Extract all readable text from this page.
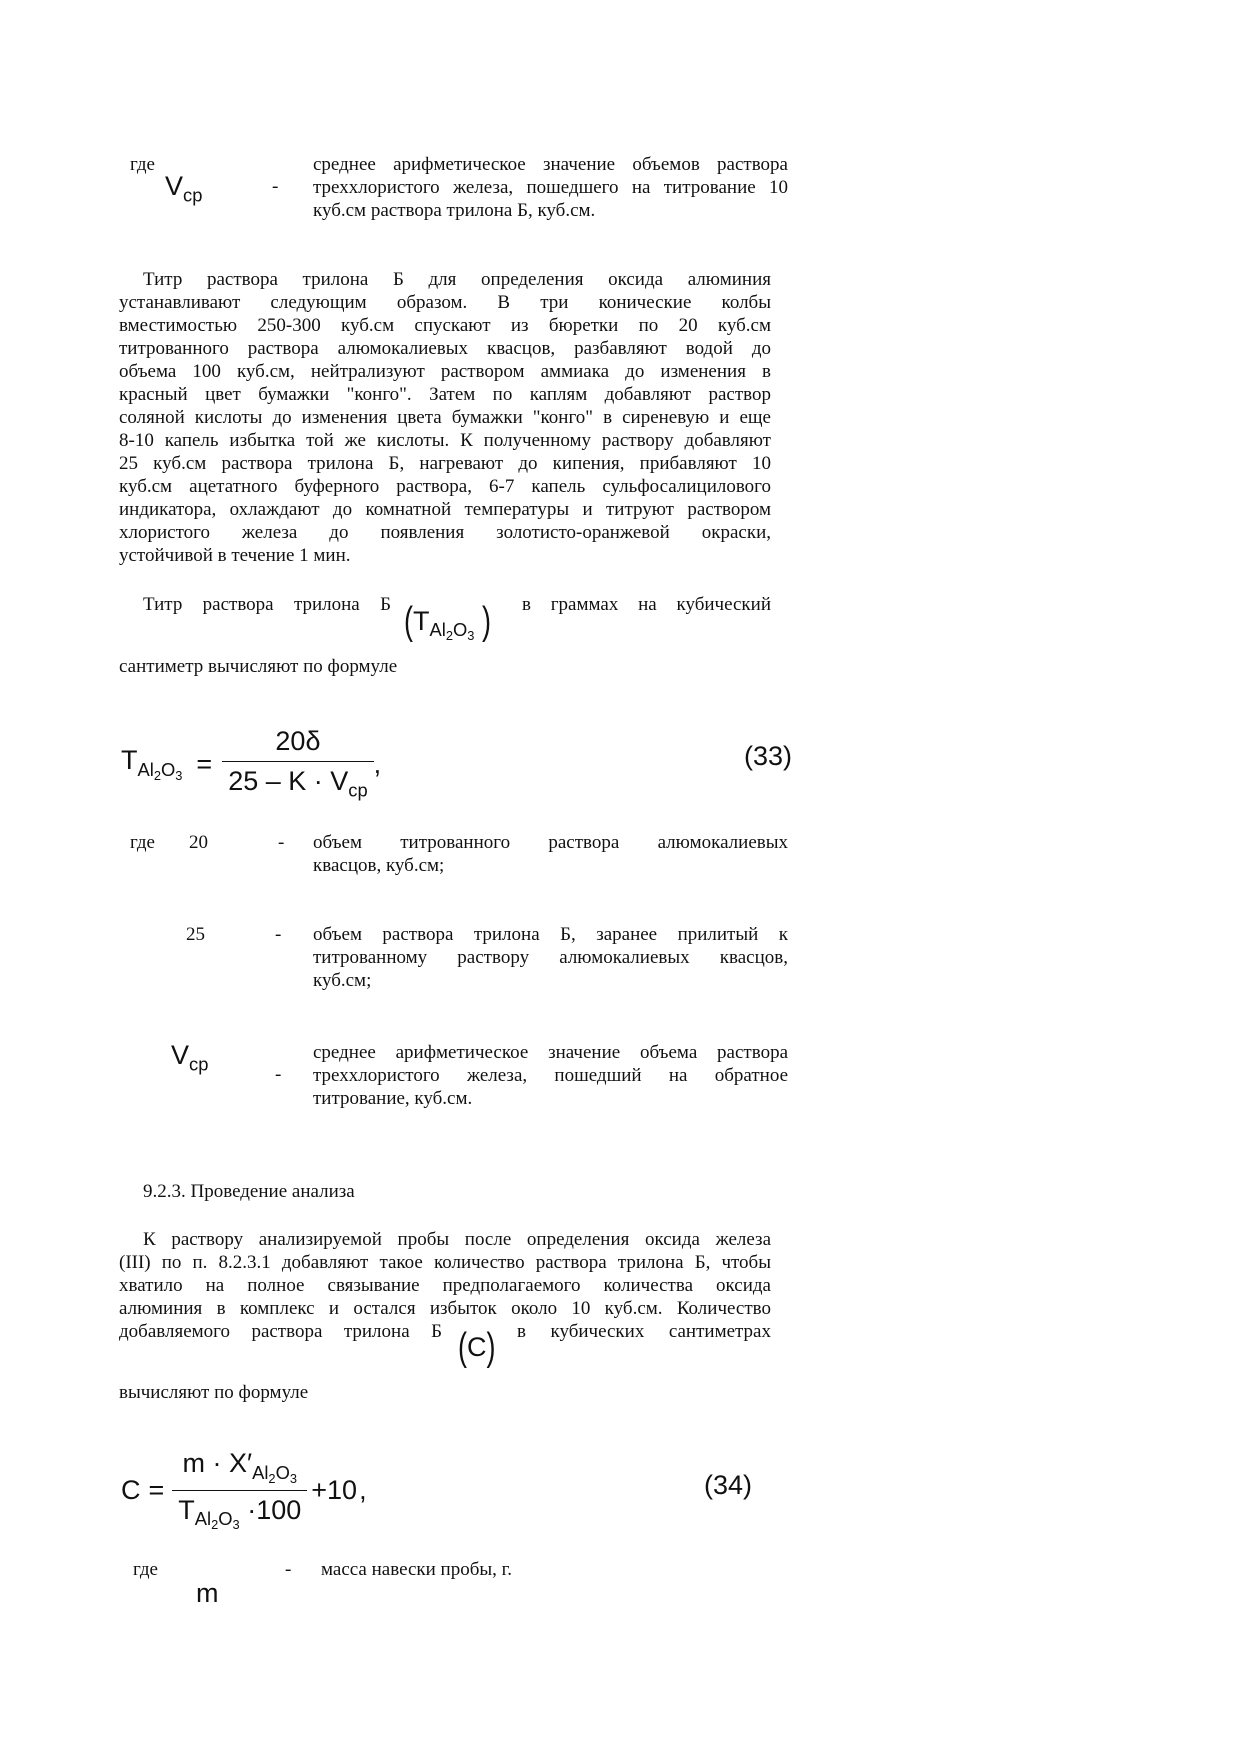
где
$V_{ср}$	-
среднее арифметическое значение объемов раствора
треххлористого железа, пошедшего на титрование 10
куб.см раствора трилона Б, куб.см.
Титр раствора трилона Б для определения оксида алюминия
устанавливают следующим образом. В три конические колбы
вместимостью 250-300 куб.см спускают из бюретки по 20 куб.см
титрованного раствора алюмокалиевых квасцов, разбавляют водой до
объема 100 куб.см, нейтрализуют раствором аммиака до изменения в
красный цвет бумажки "конго". Затем по каплям добавляют раствор
соляной кислоты до изменения цвета бумажки "конго" в сиреневую и еще
8-10 капель избытка той же кислоты. К полученному раствору добавляют
25 куб.см раствора трилона Б, нагревают до кипения, прибавляют 10
куб.см ацетатного буферного раствора, 6-7 капель сульфосалицилового
индикатора, охлаждают до комнатной температуры и титруют раствором
хлористого железа до появления золотисто-оранжевой окраски,
устойчивой в течение 1 мин.
Титр раствора трилона Б ($T_{Al_2O_3}$ ) в граммах на кубический
сантиметр вычисляют по формуле
$T_{Al_2O_3} = \frac{20\delta}{25 - K \cdot V_{ср}}$ ,	(33)
где 20	- объем титрованного раствора алюмокалиевых
квасцов, куб.см;
25	- объем раствора трилона Б, заранее прилитый к
титрованному раствору алюмокалиевых квасцов,
куб.см;
$V_{ср}$
-
среднее арифметическое значение объема раствора
треххлористого железа, пошедший на обратное
титрование, куб.см.
9.2.3. Проведение анализа
К раствору анализируемой пробы после определения оксида железа
(III) по п. 8.2.3.1 добавляют такое количество раствора трилона Б, чтобы
хватило на полное связывание предполагаемого количества оксида
алюминия в комплекс и остался избыток около 10 куб.см. Количество
добавляемого раствора трилона Б (C) в кубических сантиметрах
вычисляют по формуле
$C = \frac{m \cdot X'_{Al_2O_3}}{T_{Al_2O_3} \cdot 100} +10$ ,	(34)
где
m
- масса навески пробы, г.
